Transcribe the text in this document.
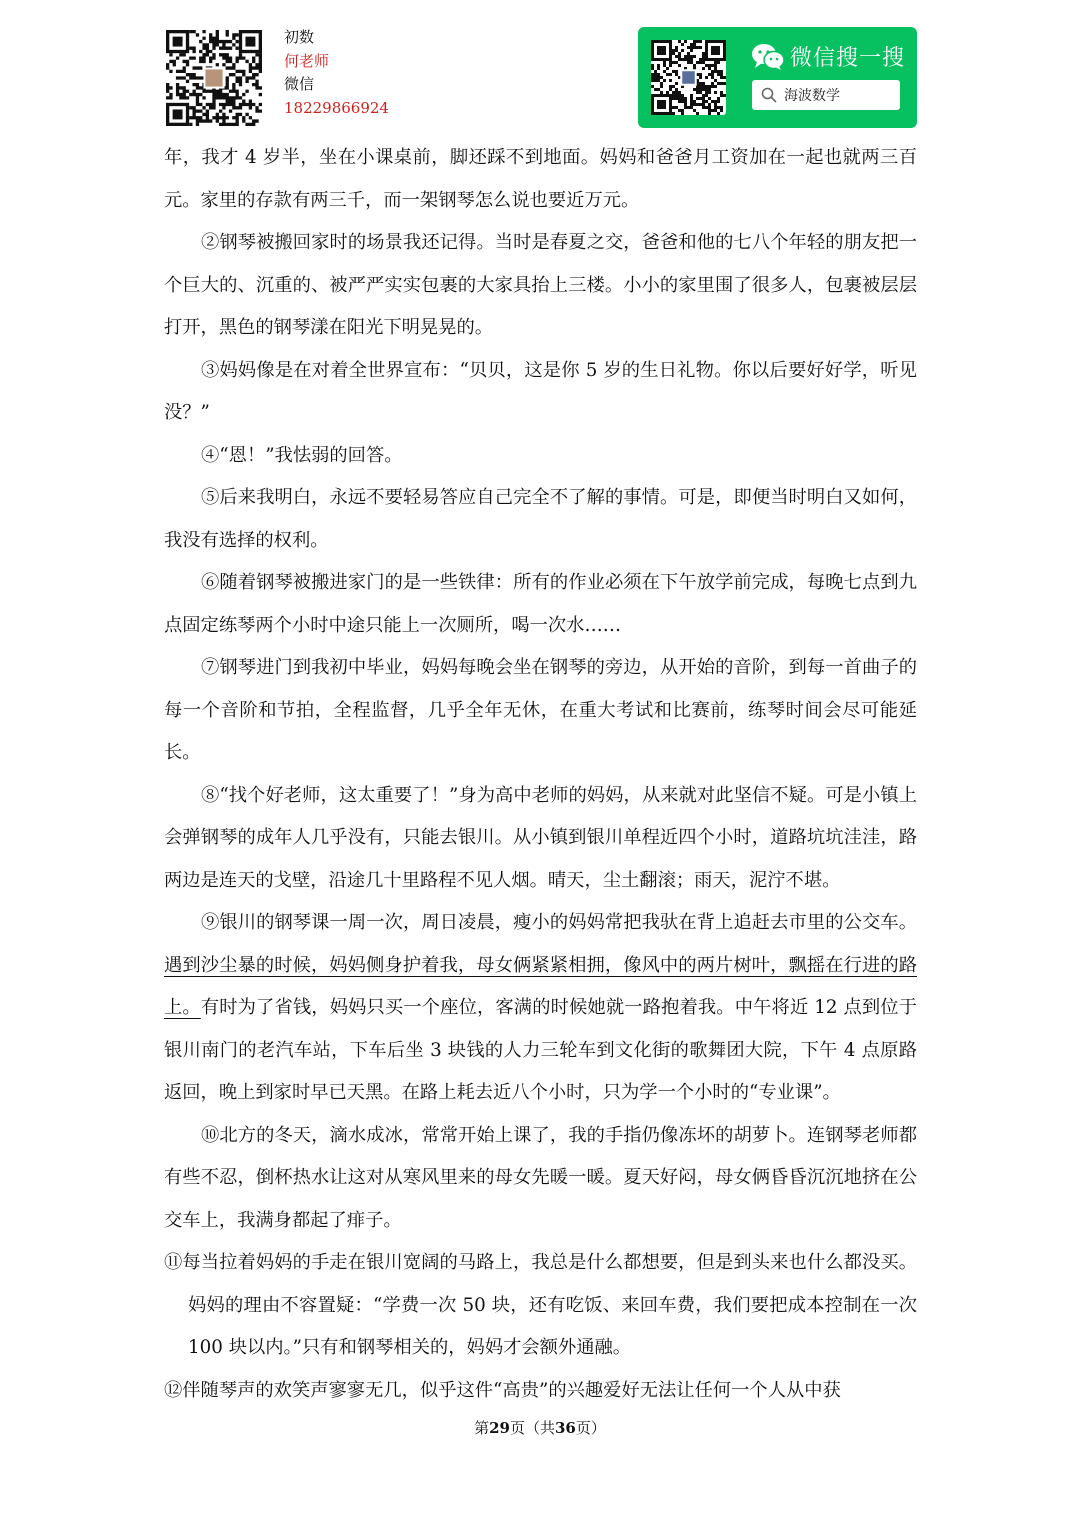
初数
何老师
微信
18229866924
微信搜一搜
海波数学

年，我才 4 岁半，坐在小课桌前，脚还踩不到地面。妈妈和爸爸月工资加在一起也就两三百元。家里的存款有两三千，而一架钢琴怎么说也要近万元。

②钢琴被搬回家时的场景我还记得。当时是春夏之交，爸爸和他的七八个年轻的朋友把一个巨大的、沉重的、被严严实实包裹的大家具抬上三楼。小小的家里围了很多人，包裹被层层打开，黑色的钢琴漾在阳光下明晃晃的。

③妈妈像是在对着全世界宣布：“贝贝，这是你 5 岁的生日礼物。你以后要好好学，听见没？”

④“恩！”我怯弱的回答。

⑤后来我明白，永远不要轻易答应自己完全不了解的事情。可是，即便当时明白又如何，我没有选择的权利。

⑥随着钢琴被搬进家门的是一些铁律：所有的作业必须在下午放学前完成，每晚七点到九点固定练琴两个小时中途只能上一次厕所，喝一次水……

⑦钢琴进门到我初中毕业，妈妈每晚会坐在钢琴的旁边，从开始的音阶，到每一首曲子的每一个音阶和节拍，全程监督，几乎全年无休，在重大考试和比赛前，练琴时间会尽可能延长。

⑧“找个好老师，这太重要了！”身为高中老师的妈妈，从来就对此坚信不疑。可是小镇上会弹钢琴的成年人几乎没有，只能去银川。从小镇到银川单程近四个小时，道路坑坑洼洼，路两边是连天的戈壁，沿途几十里路程不见人烟。晴天，尘土翻滚；雨天，泥泞不堪。

⑨银川的钢琴课一周一次，周日凌晨，瘦小的妈妈常把我驮在背上追赶去市里的公交车。遇到沙尘暴的时候，妈妈侧身护着我，母女俩紧紧相拥，像风中的两片树叶，飘摇在行进的路上。有时为了省钱，妈妈只买一个座位，客满的时候她就一路抱着我。中午将近 12 点到位于银川南门的老汽车站，下车后坐 3 块钱的人力三轮车到文化街的歌舞团大院，下午 4 点原路返回，晚上到家时早已天黑。在路上耗去近八个小时，只为学一个小时的“专业课”。

⑩北方的冬天，滴水成冰，常常开始上课了，我的手指仍像冻坏的胡萝卜。连钢琴老师都有些不忍，倒杯热水让这对从寒风里来的母女先暖一暖。夏天好闷，母女俩昏昏沉沉地挤在公交车上，我满身都起了痱子。

⑪每当拉着妈妈的手走在银川宽阔的马路上，我总是什么都想要，但是到头来也什么都没买。妈妈的理由不容置疑：“学费一次 50 块，还有吃饭、来回车费，我们要把成本控制在一次 100 块以内。”只有和钢琴相关的，妈妈才会额外通融。

⑫伴随琴声的欢笑声寥寥无几，似乎这件“高贵”的兴趣爱好无法让任何一个人从中获

第29页（共36页）
